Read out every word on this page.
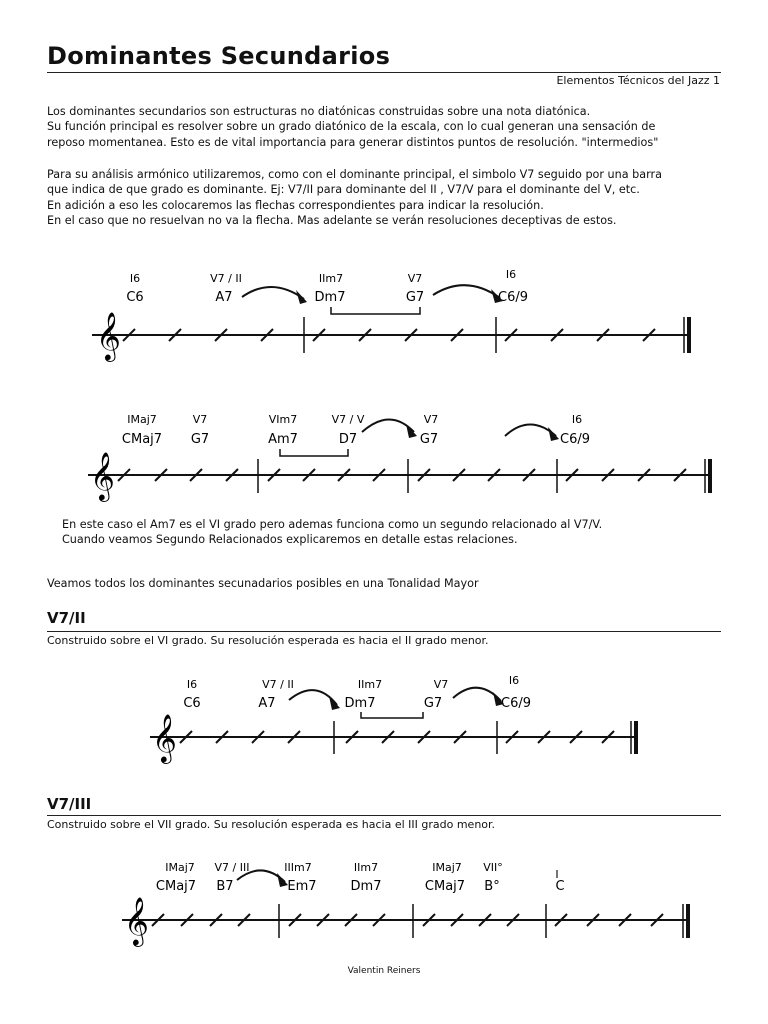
Dominantes Secundarios
Elementos Técnicos del Jazz 1
Los dominantes secundarios son estructuras no diatónicas construidas sobre una nota diatónica.
Su función principal es resolver sobre un grado diatónico de la escala, con lo cual generan una sensación de
reposo momentanea. Esto es de vital importancia para generar distintos puntos de resolución. "intermedios"
Para su análisis armónico utilizaremos, como con el dominante principal, el simbolo V7 seguido por una barra
que indica de que grado es dominante. Ej: V7/II para dominante del II , V7/V para el dominante del V, etc.
En adición a eso les colocaremos las flechas correspondientes para indicar la resolución.
En el caso que no resuelvan no va la flecha. Mas adelante se verán resoluciones deceptivas de estos.
I6
C6
V7 / II
A7
IIm7
Dm7
V7
G7
I6
C6/9
𝄞
IMaj7
CMaj7
V7
G7
VIm7
Am7
V7 / V
D7
V7
G7
I6
C6/9
𝄞
En este caso el Am7 es el VI grado pero ademas funciona como un segundo relacionado al V7/V.
Cuando veamos Segundo Relacionados explicaremos en detalle estas relaciones.
Veamos todos los dominantes secunadarios posibles en una Tonalidad Mayor
V7/II
Construido sobre el VI grado. Su resolución esperada es hacia el II grado menor.
I6
C6
V7 / II
A7
IIm7
Dm7
V7
G7
I6
C6/9
𝄞
V7/III
Construido sobre el VII grado. Su resolución esperada es hacia el III grado menor.
IMaj7
CMaj7
V7 / III
B7
IIIm7
Em7
IIm7
Dm7
IMaj7
CMaj7
VII°
B°
I
C
𝄞
Valentin Reiners
